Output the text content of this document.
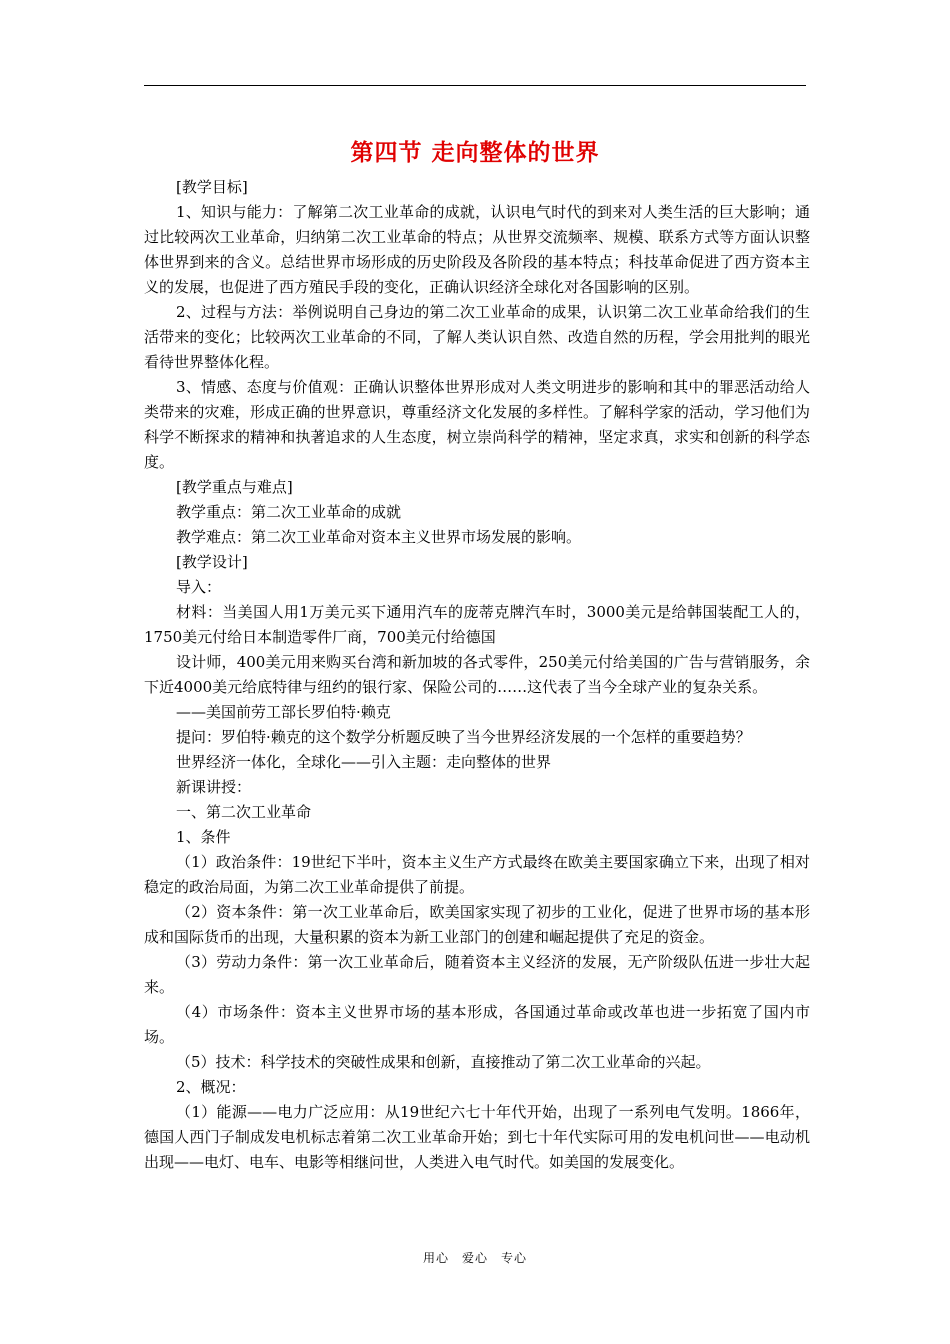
第四节 走向整体的世界

[教学目标]

1、知识与能力：了解第二次工业革命的成就，认识电气时代的到来对人类生活的巨大影响；通过比较两次工业革命，归纳第二次工业革命的特点；从世界交流频率、规模、联系方式等方面认识整体世界到来的含义。总结世界市场形成的历史阶段及各阶段的基本特点；科技革命促进了西方资本主义的发展，也促进了西方殖民手段的变化，正确认识经济全球化对各国影响的区别。

2、过程与方法：举例说明自己身边的第二次工业革命的成果，认识第二次工业革命给我们的生活带来的变化；比较两次工业革命的不同，了解人类认识自然、改造自然的历程，学会用批判的眼光看待世界整体化程。

3、情感、态度与价值观：正确认识整体世界形成对人类文明进步的影响和其中的罪恶活动给人类带来的灾难，形成正确的世界意识，尊重经济文化发展的多样性。了解科学家的活动，学习他们为科学不断探求的精神和执著追求的人生态度，树立崇尚科学的精神，坚定求真，求实和创新的科学态度。

[教学重点与难点]

教学重点：第二次工业革命的成就

教学难点：第二次工业革命对资本主义世界市场发展的影响。

[教学设计]

导入：

材料：当美国人用1万美元买下通用汽车的庞蒂克牌汽车时，3000美元是给韩国装配工人的，1750美元付给日本制造零件厂商，700美元付给德国

设计师，400美元用来购买台湾和新加坡的各式零件，250美元付给美国的广告与营销服务，余下近4000美元给底特律与纽约的银行家、保险公司的……这代表了当今全球产业的复杂关系。

——美国前劳工部长罗伯特·赖克

提问：罗伯特·赖克的这个数学分析题反映了当今世界经济发展的一个怎样的重要趋势？

世界经济一体化，全球化——引入主题：走向整体的世界

新课讲授：

一、第二次工业革命

1、条件

（1）政治条件：19世纪下半叶，资本主义生产方式最终在欧美主要国家确立下来，出现了相对稳定的政治局面，为第二次工业革命提供了前提。

（2）资本条件：第一次工业革命后，欧美国家实现了初步的工业化，促进了世界市场的基本形成和国际货币的出现，大量积累的资本为新工业部门的创建和崛起提供了充足的资金。

（3）劳动力条件：第一次工业革命后，随着资本主义经济的发展，无产阶级队伍进一步壮大起来。

（4）市场条件：资本主义世界市场的基本形成，各国通过革命或改革也进一步拓宽了国内市场。

（5）技术：科学技术的突破性成果和创新，直接推动了第二次工业革命的兴起。

2、概况：

（1）能源——电力广泛应用：从19世纪六七十年代开始，出现了一系列电气发明。1866年，德国人西门子制成发电机标志着第二次工业革命开始；到七十年代实际可用的发电机问世——电动机出现——电灯、电车、电影等相继问世，人类进入电气时代。如美国的发展变化。

用心　爱心　专心
